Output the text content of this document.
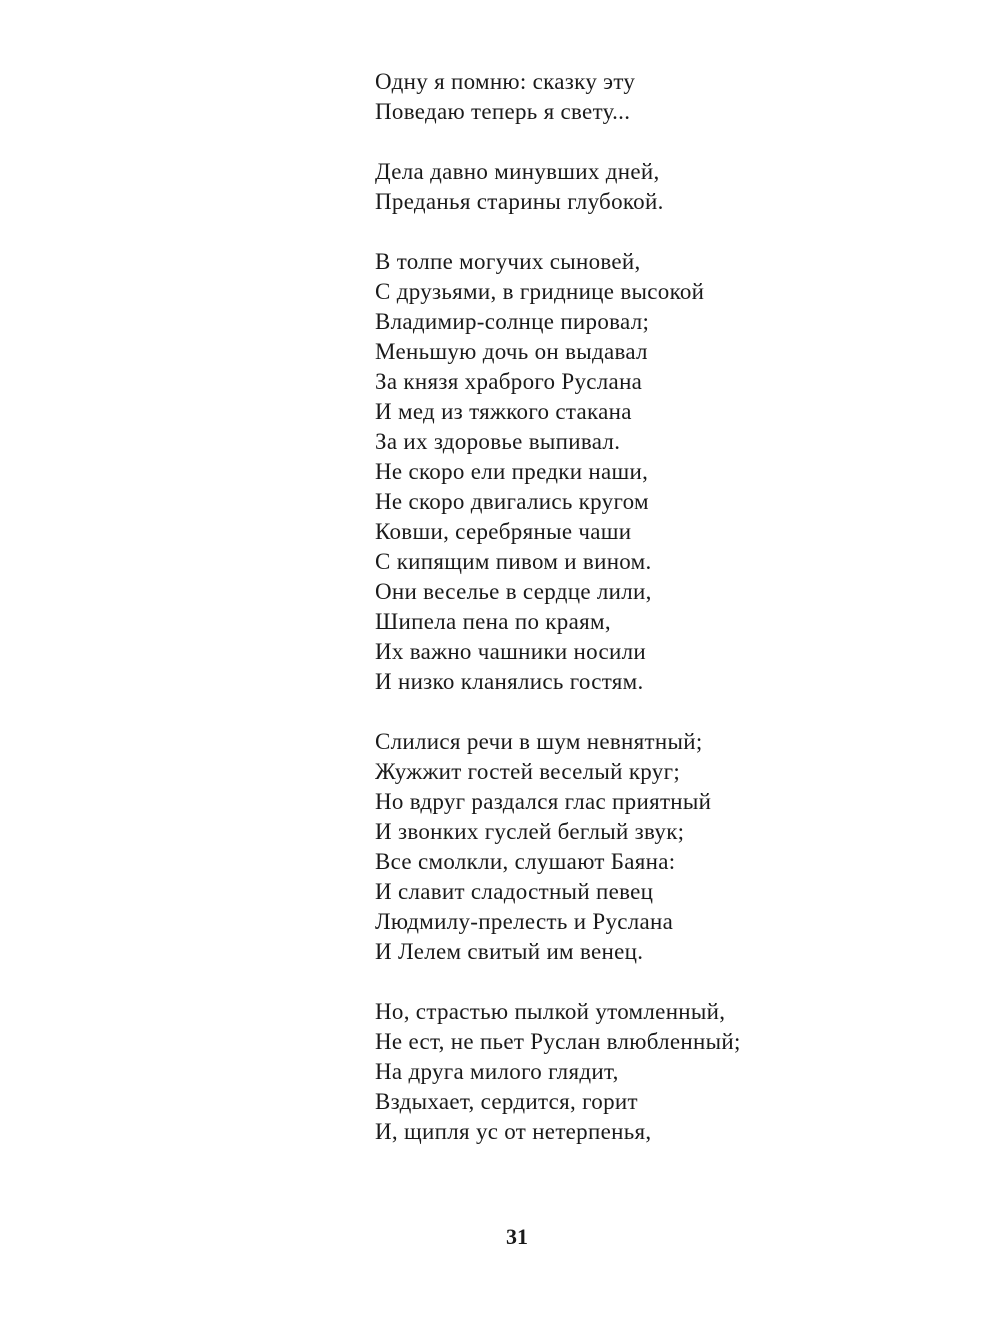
Одну я помню: сказку эту
Поведаю теперь я свету...
Дела давно минувших дней,
Преданья старины глубокой.
В толпе могучих сыновей,
С друзьями, в гриднице высокой
Владимир-солнце пировал;
Меньшую дочь он выдавал
За князя храброго Руслана
И мед из тяжкого стакана
За их здоровье выпивал.
Не скоро ели предки наши,
Не скоро двигались кругом
Ковши, серебряные чаши
С кипящим пивом и вином.
Они веселье в сердце лили,
Шипела пена по краям,
Их важно чашники носили
И низко кланялись гостям.
Слилися речи в шум невнятный;
Жужжит гостей веселый круг;
Но вдруг раздался глас приятный
И звонких гуслей беглый звук;
Все смолкли, слушают Баяна:
И славит сладостный певец
Людмилу-прелесть и Руслана
И Лелем свитый им венец.
Но, страстью пылкой утомленный,
Не ест, не пьет Руслан влюбленный;
На друга милого глядит,
Вздыхает, сердится, горит
И, щипля ус от нетерпенья,
31
